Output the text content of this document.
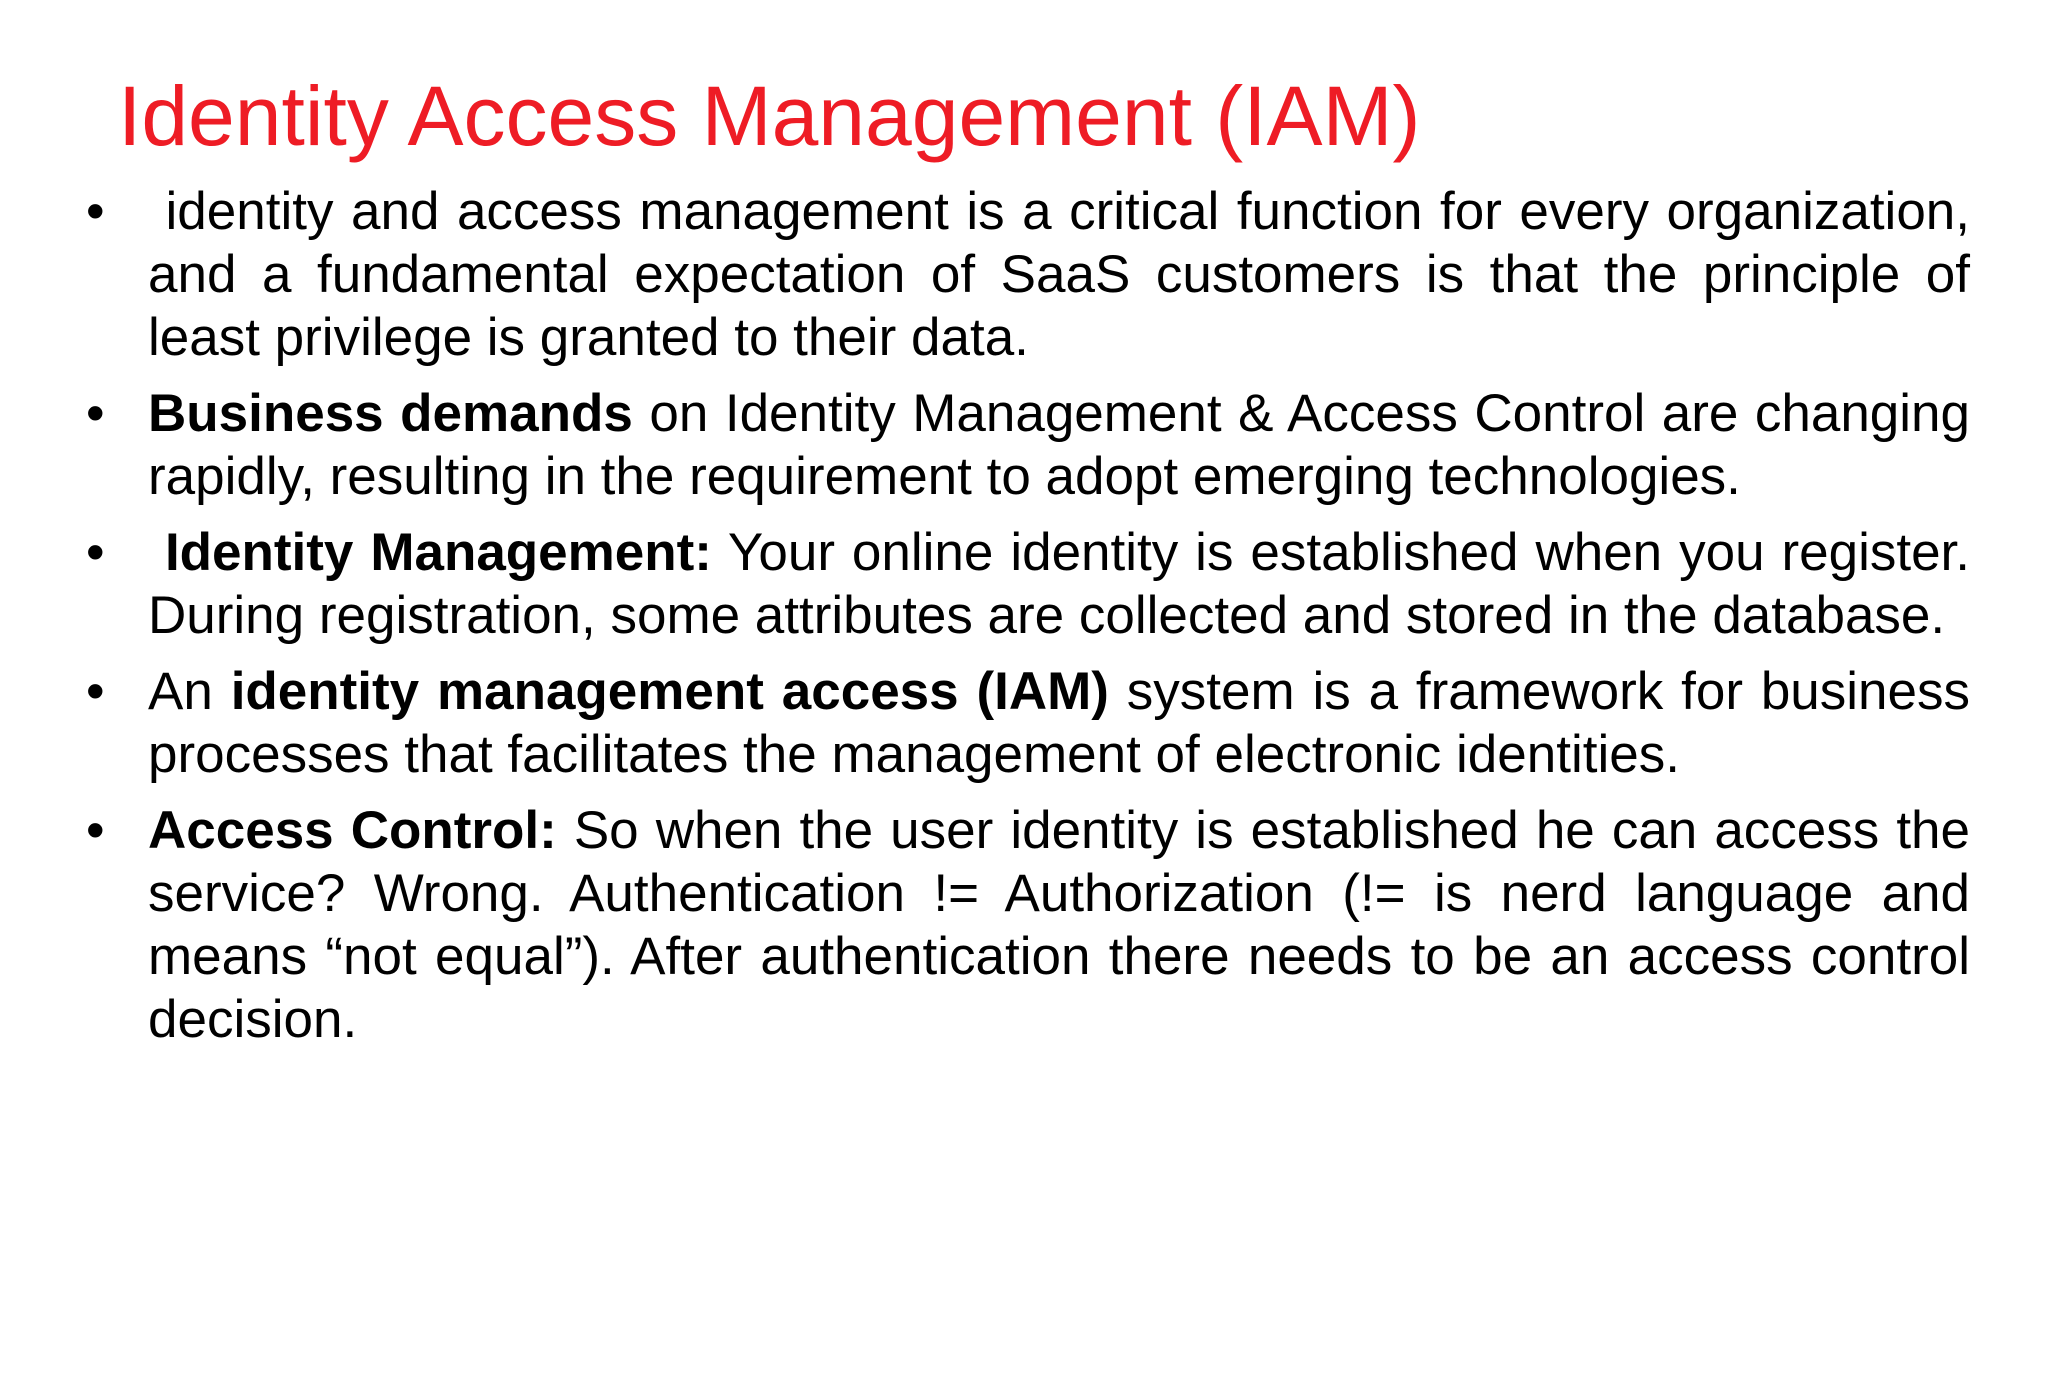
Identity Access Management (IAM)
• identity and access management is a critical function for every organization, and a fundamental expectation of SaaS customers is that the principle of least privilege is granted to their data.
• Business demands on Identity Management & Access Control are changing rapidly, resulting in the requirement to adopt emerging technologies.
• Identity Management: Your online identity is established when you register. During registration, some attributes are collected and stored in the database.
• An identity management access (IAM) system is a framework for business processes that facilitates the management of electronic identities.
• Access Control: So when the user identity is established he can access the service? Wrong. Authentication != Authorization (!= is nerd language and means “not equal”). After authentication there needs to be an access control decision.
